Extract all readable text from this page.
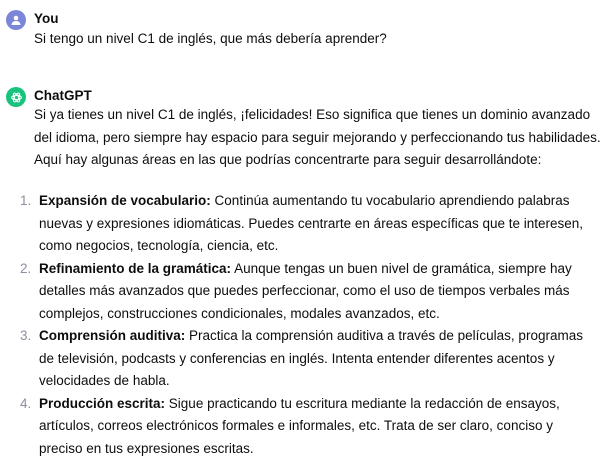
You
Si tengo un nivel C1 de inglés, que más debería aprender?
ChatGPT
Si ya tienes un nivel C1 de inglés, ¡felicidades! Eso significa que tienes un dominio avanzado del idioma, pero siempre hay espacio para seguir mejorando y perfeccionando tus habilidades. Aquí hay algunas áreas en las que podrías concentrarte para seguir desarrollándote:
1. Expansión de vocabulario: Continúa aumentando tu vocabulario aprendiendo palabras nuevas y expresiones idiomáticas. Puedes centrarte en áreas específicas que te interesen, como negocios, tecnología, ciencia, etc.
2. Refinamiento de la gramática: Aunque tengas un buen nivel de gramática, siempre hay detalles más avanzados que puedes perfeccionar, como el uso de tiempos verbales más complejos, construcciones condicionales, modales avanzados, etc.
3. Comprensión auditiva: Practica la comprensión auditiva a través de películas, programas de televisión, podcasts y conferencias en inglés. Intenta entender diferentes acentos y velocidades de habla.
4. Producción escrita: Sigue practicando tu escritura mediante la redacción de ensayos, artículos, correos electrónicos formales e informales, etc. Trata de ser claro, conciso y preciso en tus expresiones escritas.
